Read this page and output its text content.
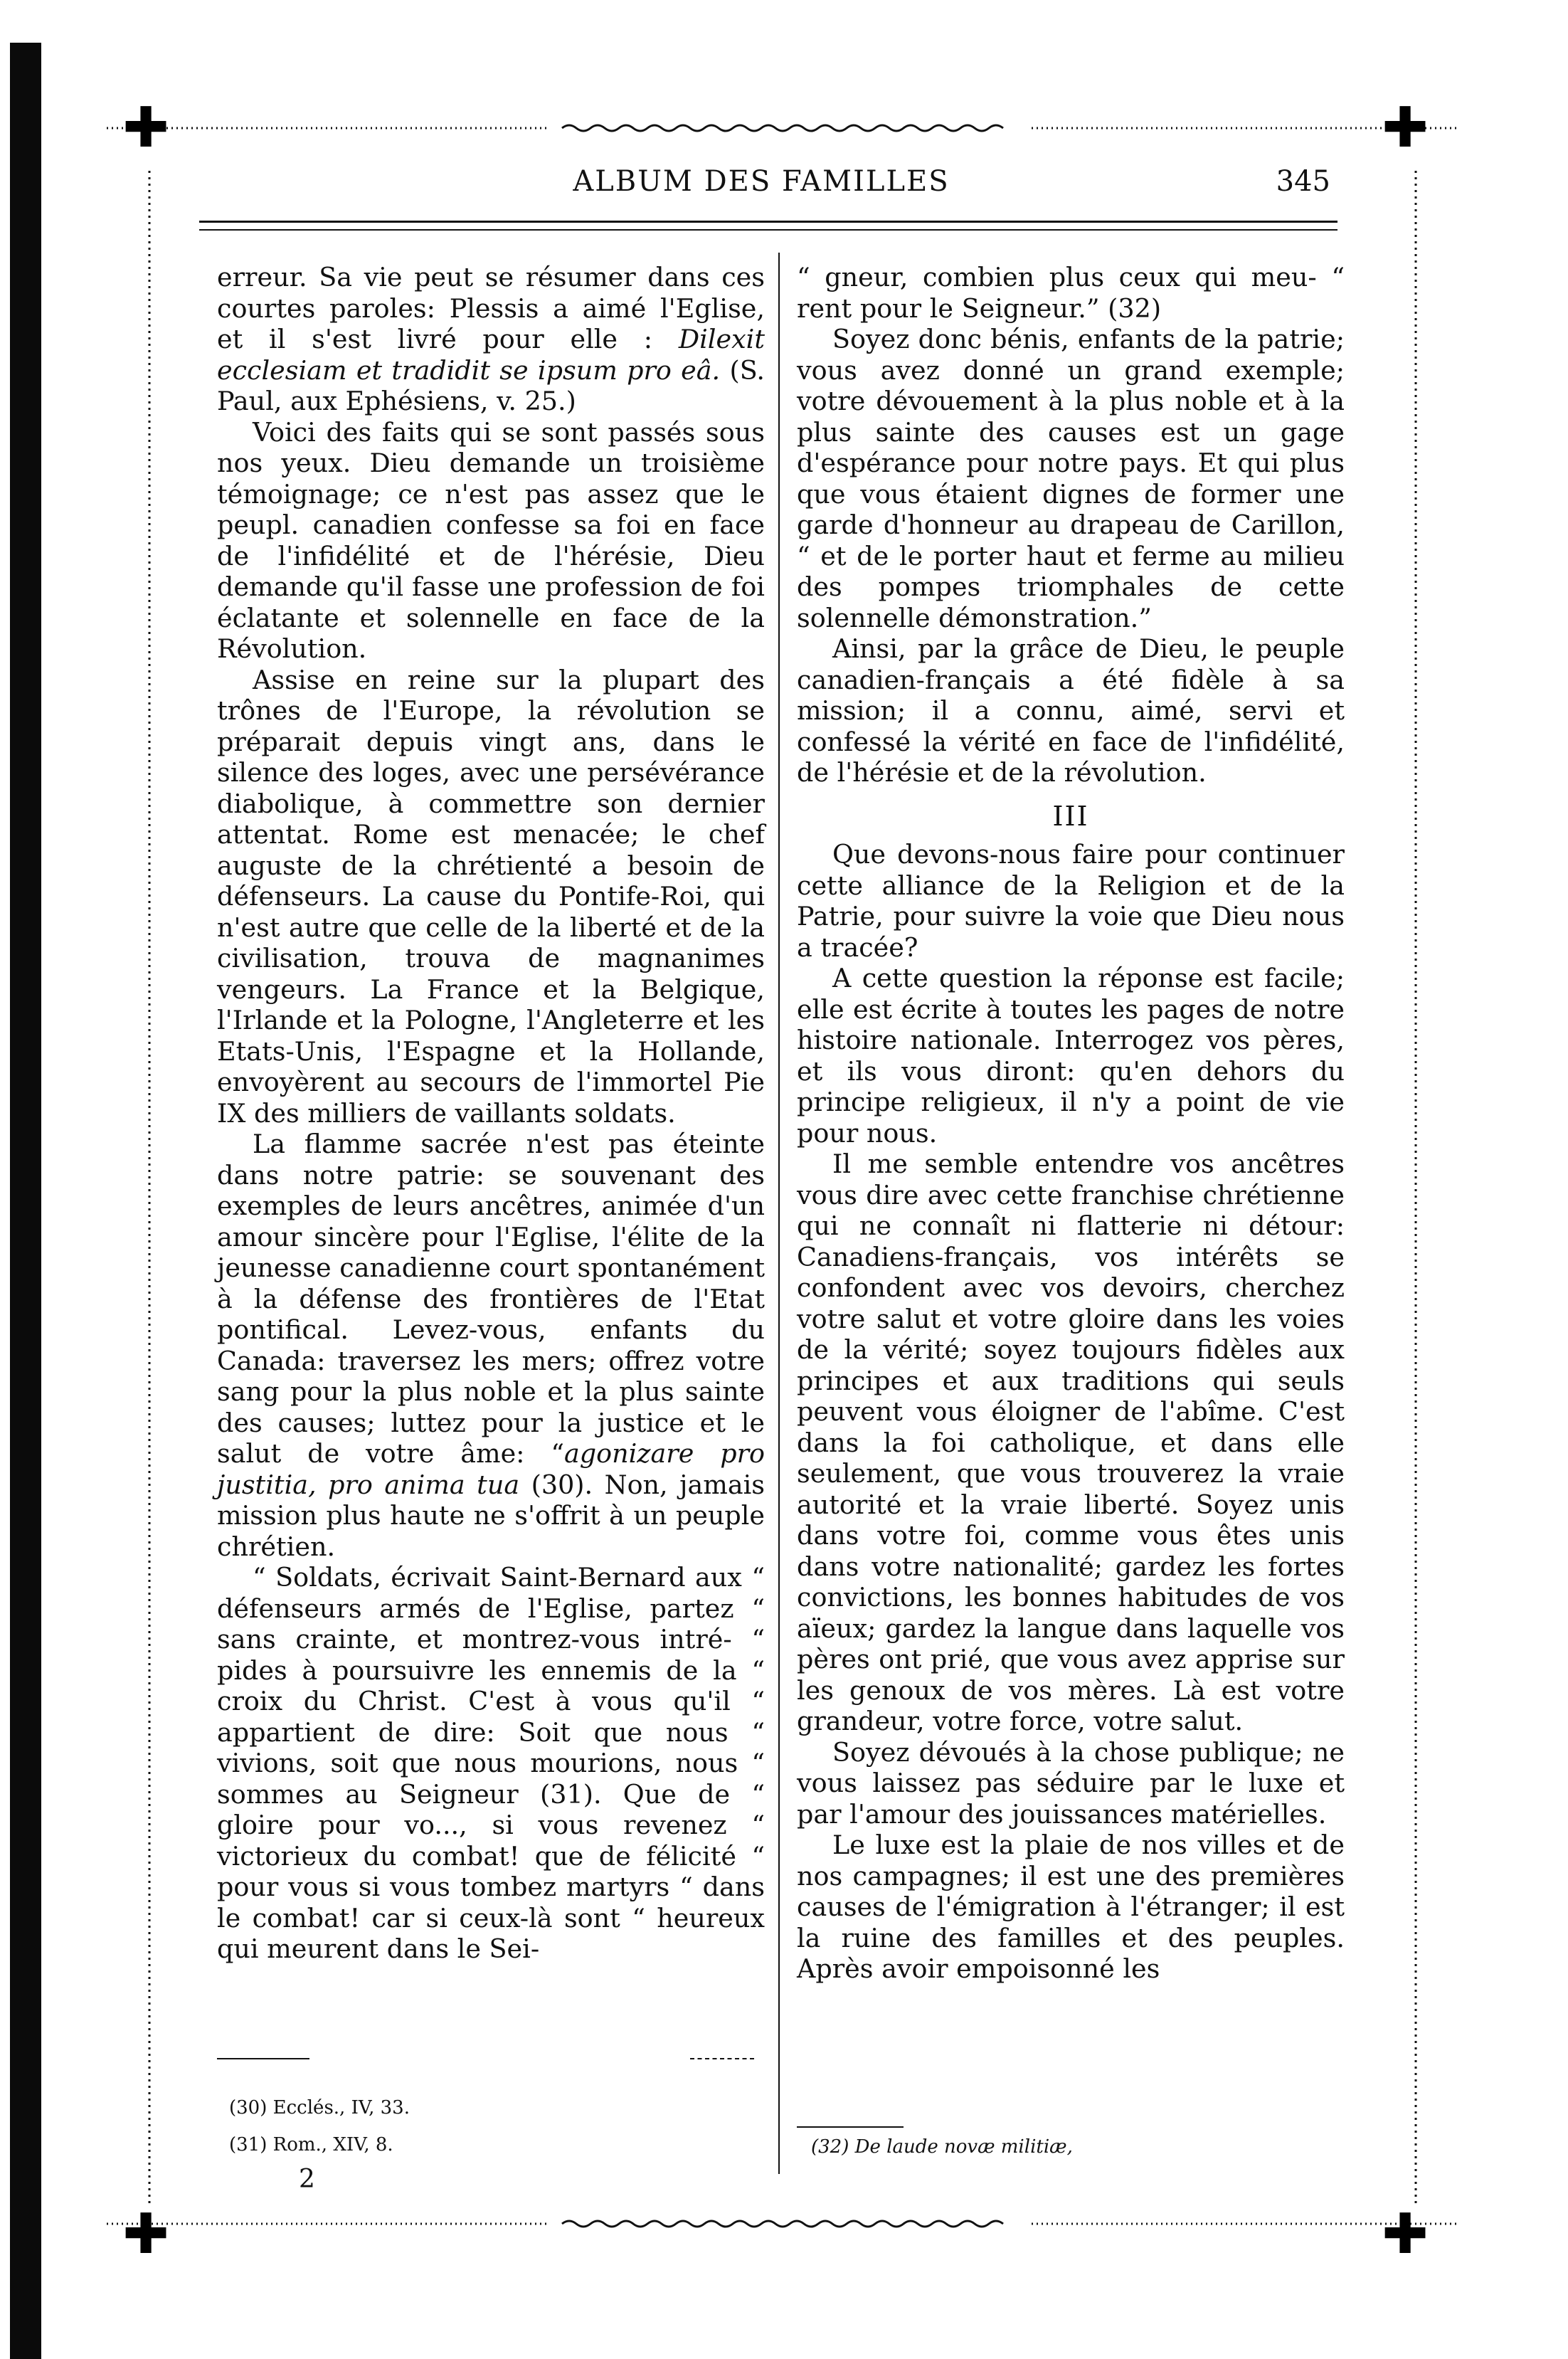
✚	✚
✚	✚
ALBUM DES FAMILLES	345

erreur. Sa vie peut se résumer dans ces courtes paroles: Plessis a aimé l'Eglise, et il s'est livré pour elle : Dilexit ecclesiam et tradidit se ipsum pro eâ. (S. Paul, aux Ephésiens, v. 25.)

Voici des faits qui se sont passés sous nos yeux. Dieu demande un troisième témoignage; ce n'est pas assez que le peupl. canadien confesse sa foi en face de l'infidélité et de l'hérésie, Dieu demande qu'il fasse une profession de foi éclatante et solennelle en face de la Révolution.

Assise en reine sur la plupart des trônes de l'Europe, la révolution se préparait depuis vingt ans, dans le silence des loges, avec une persévérance diabolique, à commettre son dernier attentat. Rome est menacée; le chef auguste de la chrétienté a besoin de défenseurs. La cause du Pontife-Roi, qui n'est autre que celle de la liberté et de la civilisation, trouva de magnanimes vengeurs. La France et la Belgique, l'Irlande et la Pologne, l'Angleterre et les Etats-Unis, l'Espagne et la Hollande, envoyèrent au secours de l'immortel Pie IX des milliers de vaillants soldats.

La flamme sacrée n'est pas éteinte dans notre patrie: se souvenant des exemples de leurs ancêtres, animée d'un amour sincère pour l'Eglise, l'élite de la jeunesse canadienne court spontanément à la défense des frontières de l'Etat pontifical. Levez-vous, enfants du Canada: traversez les mers; offrez votre sang pour la plus noble et la plus sainte des causes; luttez pour la justice et le salut de votre âme: “agonizare pro justitia, pro anima tua (30). Non, jamais mission plus haute ne s'offrit à un peuple chrétien.

“ Soldats, écrivait Saint-Bernard aux “ défenseurs armés de l'Eglise, partez “ sans crainte, et montrez-vous intré- “ pides à poursuivre les ennemis de la “ croix du Christ. C'est à vous qu'il “ appartient de dire: Soit que nous “ vivions, soit que nous mourions, nous “ sommes au Seigneur (31). Que de “ gloire pour vo..., si vous revenez “ victorieux du combat! que de félicité “ pour vous si vous tombez martyrs “ dans le combat! car si ceux-là sont “ heureux qui meurent dans le Sei-

“ gneur, combien plus ceux qui meu- “ rent pour le Seigneur.” (32)

Soyez donc bénis, enfants de la patrie; vous avez donné un grand exemple; votre dévouement à la plus noble et à la plus sainte des causes est un gage d'espérance pour notre pays. Et qui plus que vous étaient dignes de former une garde d'honneur au drapeau de Carillon, “ et de le porter haut et ferme au milieu des pompes triomphales de cette solennelle démonstration.”

Ainsi, par la grâce de Dieu, le peuple canadien-français a été fidèle à sa mission; il a connu, aimé, servi et confessé la vérité en face de l'infidélité, de l'hérésie et de la révolution.

III

Que devons-nous faire pour continuer cette alliance de la Religion et de la Patrie, pour suivre la voie que Dieu nous a tracée?

A cette question la réponse est facile; elle est écrite à toutes les pages de notre histoire nationale. Interrogez vos pères, et ils vous diront: qu'en dehors du principe religieux, il n'y a point de vie pour nous.

Il me semble entendre vos ancêtres vous dire avec cette franchise chrétienne qui ne connaît ni flatterie ni détour: Canadiens-français, vos intérêts se confondent avec vos devoirs, cherchez votre salut et votre gloire dans les voies de la vérité; soyez toujours fidèles aux principes et aux traditions qui seuls peuvent vous éloigner de l'abîme. C'est dans la foi catholique, et dans elle seulement, que vous trouverez la vraie autorité et la vraie liberté. Soyez unis dans votre foi, comme vous êtes unis dans votre nationalité; gardez les fortes convictions, les bonnes habitudes de vos aïeux; gardez la langue dans laquelle vos pères ont prié, que vous avez apprise sur les genoux de vos mères. Là est votre grandeur, votre force, votre salut.

Soyez dévoués à la chose publique; ne vous laissez pas séduire par le luxe et par l'amour des jouissances matérielles.

Le luxe est la plaie de nos villes et de nos campagnes; il est une des premières causes de l'émigration à l'étranger; il est la ruine des familles et des peuples. Après avoir empoisonné les

(30) Ecclés., IV, 33.

(31) Rom., XIV, 8.

2

(32) De laude novæ militiæ,
